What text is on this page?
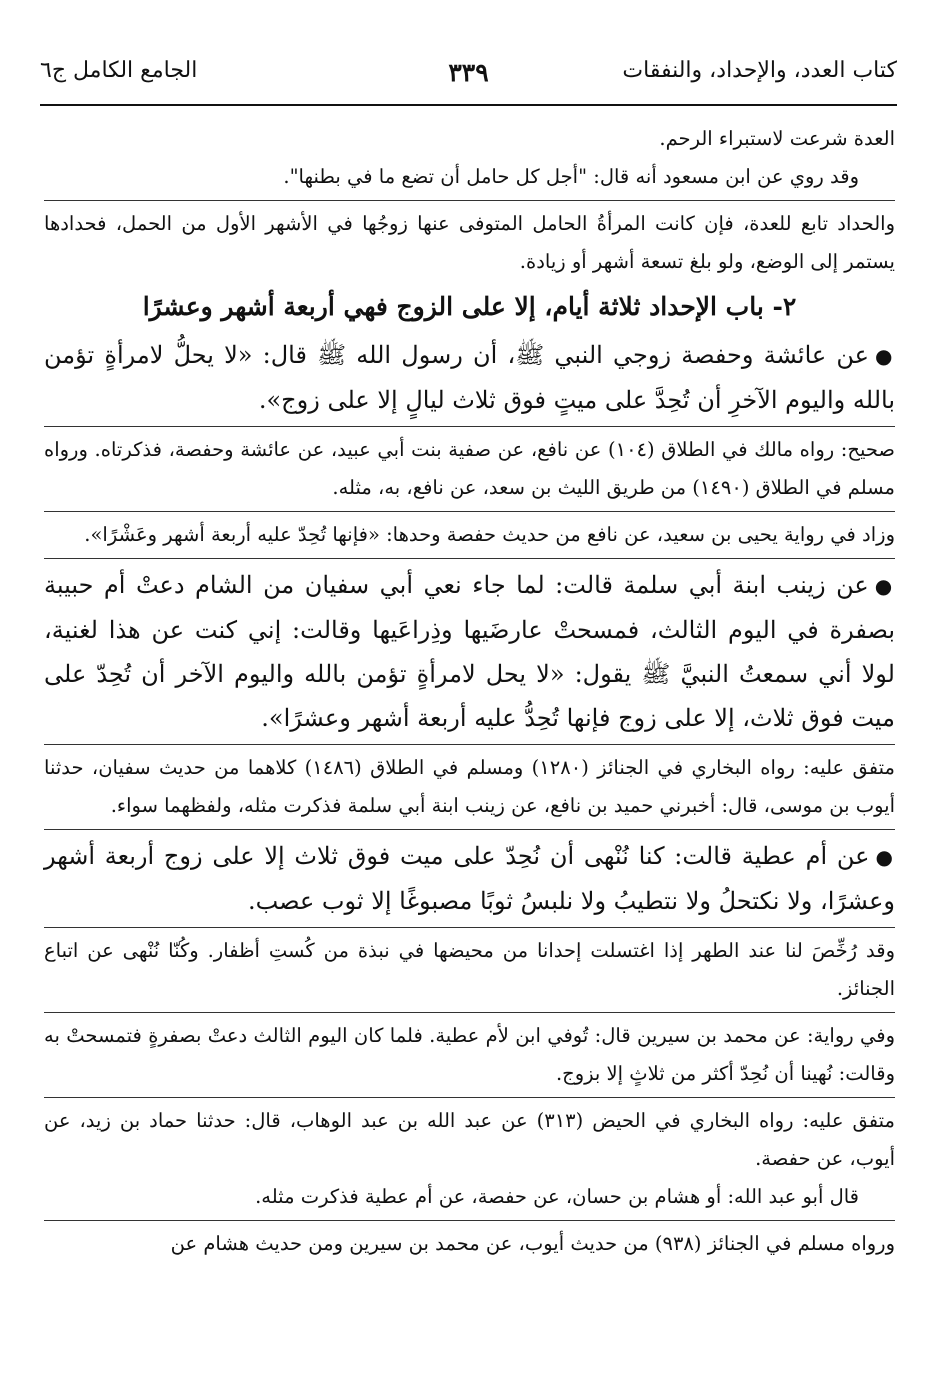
كتاب العدد، والإحداد، والنفقات
٣٣٩
الجامع الكامل ج٦

العدة شرعت لاستبراء الرحم.

وقد روي عن ابن مسعود أنه قال: "أجل كل حامل أن تضع ما في بطنها".

والحداد تابع للعدة، فإن كانت المرأةُ الحامل المتوفى عنها زوجُها في الأشهر الأول من الحمل، فحدادها يستمر إلى الوضع، ولو بلغ تسعة أشهر أو زيادة.

٢- باب الإحداد ثلاثة أيام، إلا على الزوج فهي أربعة أشهر وعشرًا

●عن عائشة وحفصة زوجي النبي ﷺ، أن رسول الله ﷺ قال: «لا يحلُّ لامرأةٍ تؤمن بالله واليوم الآخرِ أن تُحِدَّ على ميتٍ فوق ثلاث ليالٍ إلا على زوج».

صحيح: رواه مالك في الطلاق (١٠٤) عن نافع، عن صفية بنت أبي عبيد، عن عائشة وحفصة، فذكرتاه. ورواه مسلم في الطلاق (١٤٩٠) من طريق الليث بن سعد، عن نافع، به، مثله.

وزاد في رواية يحيى بن سعيد، عن نافع من حديث حفصة وحدها: «فإنها تُحِدّ عليه أربعة أشهر وعَشْرًا».

●عن زينب ابنة أبي سلمة قالت: لما جاء نعي أبي سفيان من الشام دعتْ أم حبيبة بصفرة في اليوم الثالث، فمسحتْ عارضَيها وذِراعَيها وقالت: إني كنت عن هذا لغنية، لولا أني سمعتُ النبيَّ ﷺ يقول: «لا يحل لامرأةٍ تؤمن بالله واليوم الآخر أن تُحِدّ على ميت فوق ثلاث، إلا على زوج فإنها تُحِدُّ عليه أربعة أشهر وعشرًا».

متفق عليه: رواه البخاري في الجنائز (١٢٨٠) ومسلم في الطلاق (١٤٨٦) كلاهما من حديث سفيان، حدثنا أيوب بن موسى، قال: أخبرني حميد بن نافع، عن زينب ابنة أبي سلمة فذكرت مثله، ولفظهما سواء.

●عن أم عطية قالت: كنا نُنْهى أن نُحِدّ على ميت فوق ثلاث إلا على زوج أربعة أشهر وعشرًا، ولا نكتحلُ ولا نتطيبُ ولا نلبسُ ثوبًا مصبوغًا إلا ثوب عصب.

وقد رُخِّصَ لنا عند الطهر إذا اغتسلت إحدانا من محيضها في نبذة من كُستِ أظفار. وكُنّا نُنْهى عن اتباع الجنائز.

وفي رواية: عن محمد بن سيرين قال: تُوفي ابن لأم عطية. فلما كان اليوم الثالث دعتْ بصفرةٍ فتمسحتْ به وقالت: نُهينا أن نُحِدّ أكثر من ثلاثٍ إلا بزوج.

متفق عليه: رواه البخاري في الحيض (٣١٣) عن عبد الله بن عبد الوهاب، قال: حدثنا حماد بن زيد، عن أيوب، عن حفصة.

قال أبو عبد الله: أو هشام بن حسان، عن حفصة، عن أم عطية فذكرت مثله.

ورواه مسلم في الجنائز (٩٣٨) من حديث أيوب، عن محمد بن سيرين ومن حديث هشام عن
